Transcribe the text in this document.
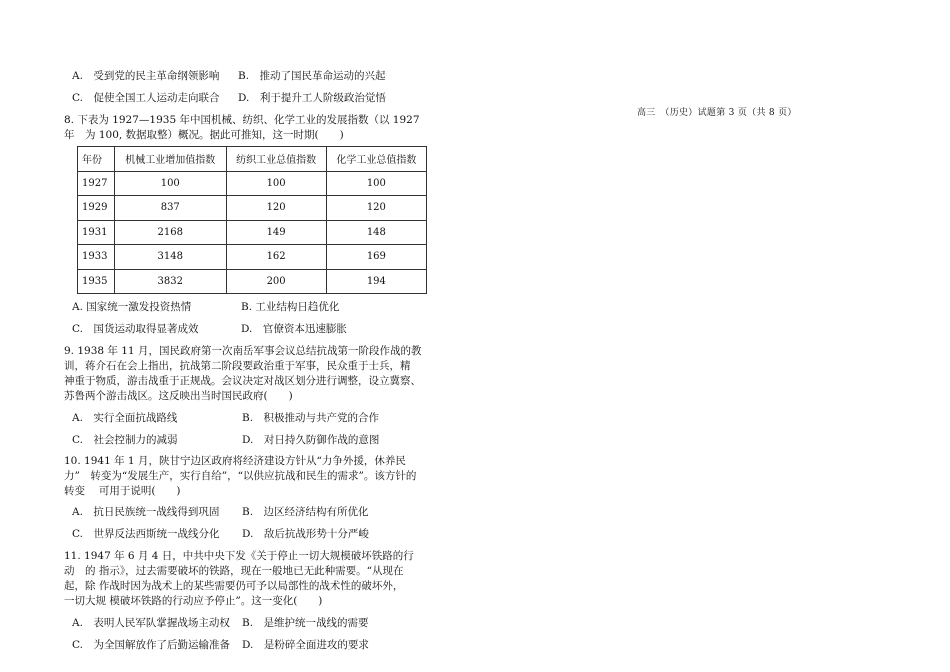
高三　（历史）试题第 3 页（共 8 页）
A.　受到党的民主革命纲领影响 B.　推动了国民革命运动的兴起
C.　促使全国工人运动走向联合 D.　利于提升工人阶级政治觉悟
8. 下表为 1927—1935 年中国机械、纺织、化学工业的发展指数（以 1927
年　为 100, 数据取整）概况。据此可推知，这一时期(　　)
年份	机械工业增加值指数	纺织工业总值指数	化学工业总值指数
1927	100	100	100
1929	837	120	120
1931	2168	149	148
1933	3148	162	169
1935	3832	200	194
A. 国家统一激发投资热情	B. 工业结构日趋优化
C.　国货运动取得显著成效	D.　官僚资本迅速膨胀
9. 1938 年 11 月，国民政府第一次南岳军事会议总结抗战第一阶段作战的教
训，蒋介石在会上指出，抗战第二阶段要政治重于军事，民众重于士兵，精
神重于物质，游击战重于正规战。会议决定对战区划分进行调整，设立冀察、
苏鲁两个游击战区。这反映出当时国民政府(　　)
A.　实行全面抗战路线	B.　积极推动与共产党的合作
C.　社会控制力的减弱	D.　对日持久防御作战的意图
10. 1941 年 1 月，陕甘宁边区政府将经济建设方针从“力争外援，休养民
力”　转变为“发展生产，实行自给”，“以供应抗战和民生的需求”。该方针的
转变　 可用于说明(　　)
A.　抗日民族统一战线得到巩固 B.　边区经济结构有所优化
C.　世界反法西斯统一战线分化 D.　敌后抗战形势十分严峻
11. 1947 年 6 月 4 日，中共中央下发《关于停止一切大规模破坏铁路的行
动　的 指示》，过去需要破坏的铁路，现在一般地已无此种需要。“从现在
起，除 作战时因为战术上的某些需要仍可予以局部性的战术性的破坏外，
一切大规 模破坏铁路的行动应予停止”。这一变化(　　)
A.　表明人民军队掌握战场主动权 B.　是维护统一战线的需要
C.　为全国解放作了后勤运输准备 D.　是粉碎全面进攻的要求
